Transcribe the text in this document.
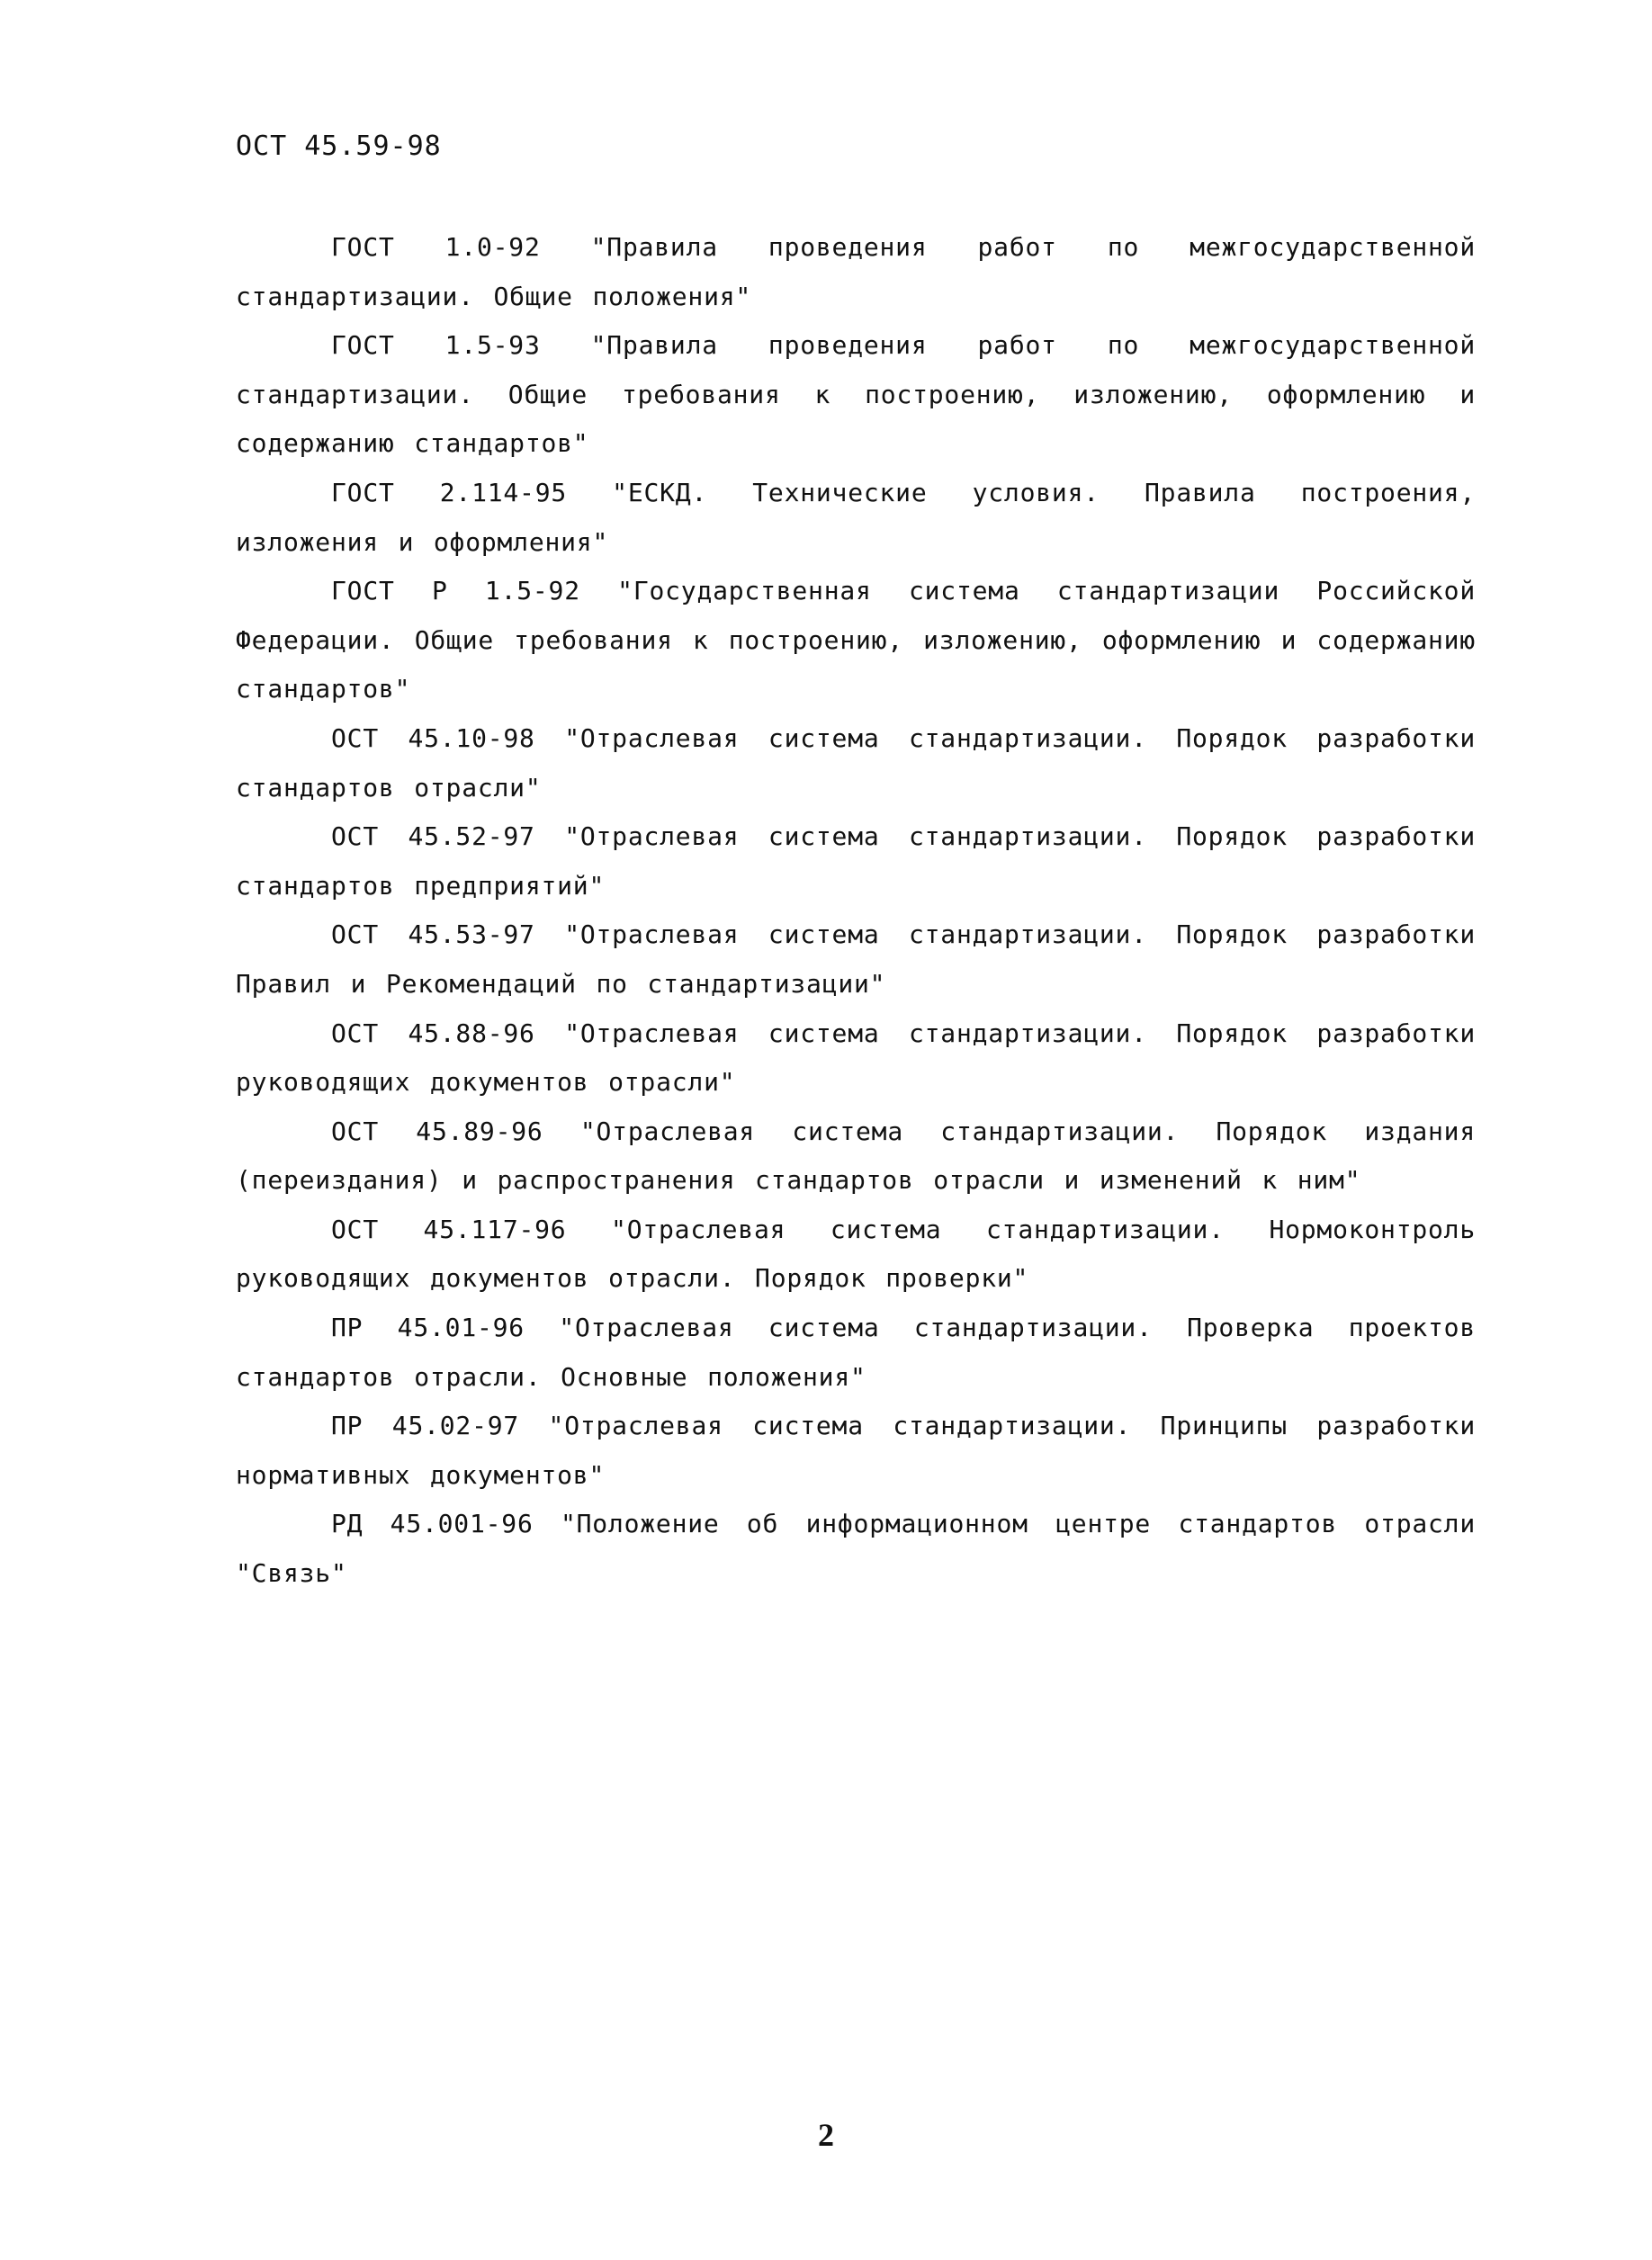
ОСТ 45.59-98
ГОСТ 1.0-92 "Правила проведения работ по межгосударственной стандартизации. Общие положения"
ГОСТ 1.5-93 "Правила проведения работ по межгосударственной стандартизации. Общие требования к построению, изложению, оформлению и содержанию стандартов"
ГОСТ 2.114-95 "ЕСКД. Технические условия. Правила построения, изложения и оформления"
ГОСТ Р 1.5-92 "Государственная система стандартизации Российской Федерации. Общие требования к построению, изложению, оформлению и содержанию стандартов"
ОСТ 45.10-98 "Отраслевая система стандартизации. Порядок разработки стандартов отрасли"
ОСТ 45.52-97 "Отраслевая система стандартизации. Порядок разработки стандартов предприятий"
ОСТ 45.53-97 "Отраслевая система стандартизации. Порядок разработки Правил и Рекомендаций по стандартизации"
ОСТ 45.88-96 "Отраслевая система стандартизации. Порядок разработки руководящих документов отрасли"
ОСТ 45.89-96 "Отраслевая система стандартизации. Порядок издания (переиздания) и распространения стандартов отрасли и изменений к ним"
ОСТ 45.117-96 "Отраслевая система стандартизации. Нормоконтроль руководящих документов отрасли. Порядок проверки"
ПР 45.01-96 "Отраслевая система стандартизации. Проверка проектов стандартов отрасли. Основные положения"
ПР 45.02-97 "Отраслевая система стандартизации. Принципы разработки нормативных документов"
РД 45.001-96 "Положение об информационном центре стандартов отрасли "Связь"
2
